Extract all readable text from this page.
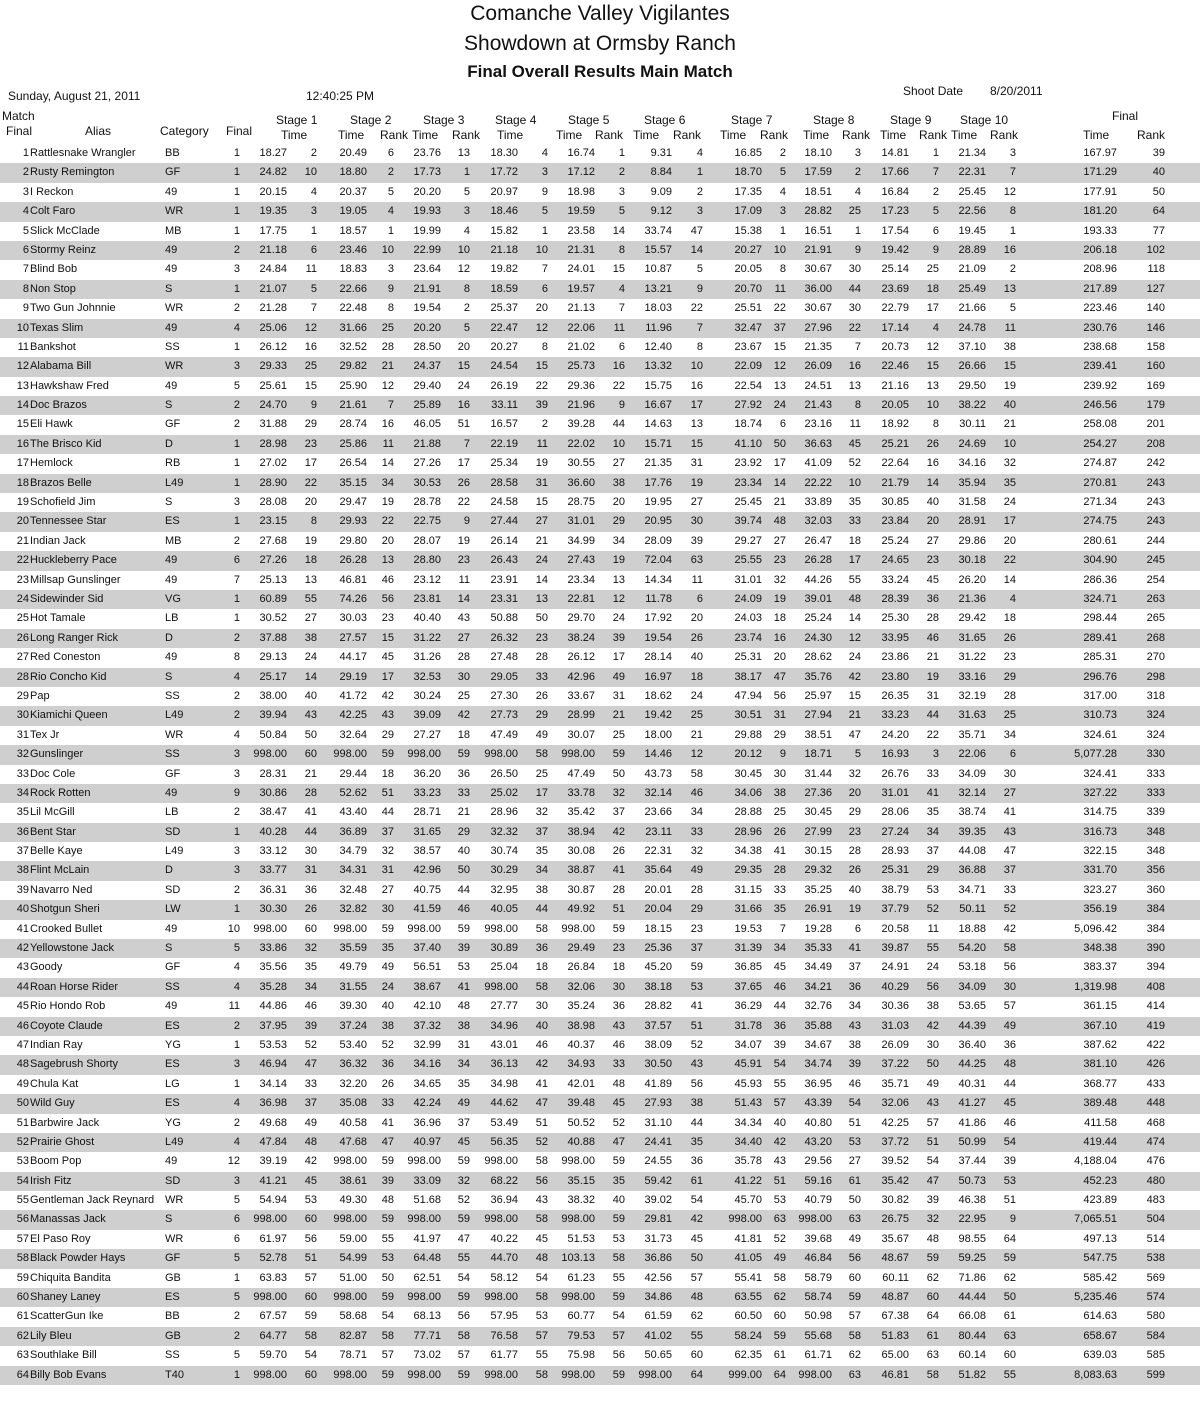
Comanche Valley Vigilantes
Showdown at Ormsby Ranch
Final Overall Results Main Match
Sunday, August 21, 2011	12:40:25 PM	Shoot Date 8/20/2011
Match
Final	Alias	Category Final
Stage 1
Time
Stage 2
Time Rank
Stage 3
Time Rank
Stage 4
Time
Stage 5
Time Rank
Stage 6
Time Rank
Stage 7
Time Rank
Stage 8
Time Rank
Stage 9
Time Rank
Stage 10
Time Rank
Final
Time Rank
1 Rattlesnake Wrangler	BB	1 18.27 2 20.49 6 23.76 13 18.30 4 16.74 1 9.31 4	16.85 2 18.10 3 14.81 1 21.34 3	167.97	39
2 Rusty Remington	GF	1 24.82 10 18.80 2 17.73 1 17.72 3 17.12 2 8.84 1	18.70 5 17.59 2 17.66 7 22.31 7	171.29	40
3 I Reckon	49	1 20.15 4 20.37 5 20.20 5 20.97 9 18.98 3 9.09 2	17.35 4 18.51 4 16.84 2 25.45 12	177.91	50
4 Colt Faro	WR	1 19.35 3 19.05 4 19.93 3 18.46 5 19.59 5 9.12 3	17.09 3 28.82 25 17.23 5 22.56 8	181.20	64
5 Slick McClade	MB	1 17.75 1 18.57 1 19.99 4 15.82 1 23.58 14 33.74 47	15.38 1 16.51 1 17.54 6 19.45 1	193.33	77
6 Stormy Reinz	49	2 21.18 6 23.46 10 22.99 10 21.18 10 21.31 8 15.57 14	20.27 10 21.91 9 19.42 9 28.89 16	206.18	102
7 Blind Bob	49	3 24.84 11 18.83 3 23.64 12 19.82 7 24.01 15 10.87 5	20.05 8 30.67 30 25.14 25 21.09 2	208.96	118
8 Non Stop	S	1 21.07 5 22.66 9 21.91 8 18.59 6 19.57 4 13.21 9	20.70 11 36.00 44 23.69 18 25.49 13	217.89	127
9 Two Gun Johnnie	WR	2 21.28 7 22.48 8 19.54 2 25.37 20 21.13 7 18.03 22	25.51 22 30.67 30 22.79 17 21.66 5	223.46	140
10 Texas Slim	49	4 25.06 12 31.66 25 20.20 5 22.47 12 22.06 11 11.96 7	32.47 37 27.96 22 17.14 4 24.78 11	230.76	146
11 Bankshot	SS	1 26.12 16 32.52 28 28.50 20 20.27 8 21.02 6 12.40 8	23.67 15 21.35 7 20.73 12 37.10 38	238.68	158
12 Alabama Bill	WR	3 29.33 25 29.82 21 24.37 15 24.54 15 25.73 16 13.32 10	22.09 12 26.09 16 22.46 15 26.66 15	239.41	160
13 Hawkshaw Fred	49	5 25.61 15 25.90 12 29.40 24 26.19 22 29.36 22 15.75 16	22.54 13 24.51 13 21.16 13 29.50 19	239.92	169
14 Doc Brazos	S	2 24.70 9 21.61 7 25.89 16 33.11 39 21.96 9 16.67 17	27.92 24 21.43 8 20.05 10 38.22 40	246.56	179
15 Eli Hawk	GF	2 31.88 29 28.74 16 46.05 51 16.57 2 39.28 44 14.63 13	18.74 6 23.16 11 18.92 8 30.11 21	258.08	201
16 The Brisco Kid	D	1 28.98 23 25.86 11 21.88 7 22.19 11 22.02 10 15.71 15	41.10 50 36.63 45 25.21 26 24.69 10	254.27	208
17 Hemlock	RB	1 27.02 17 26.54 14 27.26 17 25.34 19 30.55 27 21.35 31	23.92 17 41.09 52 22.64 16 34.16 32	274.87	242
18 Brazos Belle	L49	1 28.90 22 35.15 34 30.53 26 28.58 31 36.60 38 17.76 19	23.34 14 22.22 10 21.79 14 35.94 35	270.81	243
19 Schofield Jim	S	3 28.08 20 29.47 19 28.78 22 24.58 15 28.75 20 19.95 27	25.45 21 33.89 35 30.85 40 31.58 24	271.34	243
20 Tennessee Star	ES	1 23.15 8 29.93 22 22.75 9 27.44 27 31.01 29 20.95 30	39.74 48 32.03 33 23.84 20 28.91 17	274.75	243
21 Indian Jack	MB	2 27.68 19 29.80 20 28.07 19 26.14 21 34.99 34 28.09 39	29.27 27 26.47 18 25.24 27 29.86 20	280.61	244
22 Huckleberry Pace	49	6 27.26 18 26.28 13 28.80 23 26.43 24 27.43 19 72.04 63	25.55 23 26.28 17 24.65 23 30.18 22	304.90	245
23 Millsap Gunslinger	49	7 25.13 13 46.81 46 23.12 11 23.91 14 23.34 13 14.34 11	31.01 32 44.26 55 33.24 45 26.20 14	286.36	254
24 Sidewinder Sid	VG	1 60.89 55 74.26 56 23.81 14 23.31 13 22.81 12 11.78 6	24.09 19 39.01 48 28.39 36 21.36 4	324.71	263
25 Hot Tamale	LB	1 30.52 27 30.03 23 40.40 43 50.88 50 29.70 24 17.92 20	24.03 18 25.24 14 25.30 28 29.42 18	298.44	265
26 Long Ranger Rick	D	2 37.88 38 27.57 15 31.22 27 26.32 23 38.24 39 19.54 26	23.74 16 24.30 12 33.95 46 31.65 26	289.41	268
27 Red Coneston	49	8 29.13 24 44.17 45 31.26 28 27.48 28 26.12 17 28.14 40	25.31 20 28.62 24 23.86 21 31.22 23	285.31	270
28 Rio Concho Kid	S	4 25.17 14 29.19 17 32.53 30 29.05 33 42.96 49 16.97 18	38.17 47 35.76 42 23.80 19 33.16 29	296.76	298
29 Pap	SS	2 38.00 40 41.72 42 30.24 25 27.30 26 33.67 31 18.62 24	47.94 56 25.97 15 26.35 31 32.19 28	317.00	318
30 Kiamichi Queen	L49	2 39.94 43 42.25 43 39.09 42 27.73 29 28.99 21 19.42 25	30.51 31 27.94 21 33.23 44 31.63 25	310.73	324
31 Tex Jr	WR	4 50.84 50 32.64 29 27.27 18 47.49 49 30.07 25 18.00 21	29.88 29 38.51 47 24.20 22 35.71 34	324.61	324
32 Gunslinger	SS	3 998.00 60 998.00 59 998.00 59 998.00 58 998.00 59 14.46 12	20.12 9 18.71 5 16.93 3 22.06 6	5,077.28	330
33 Doc Cole	GF	3 28.31 21 29.44 18 36.20 36 26.50 25 47.49 50 43.73 58	30.45 30 31.44 32 26.76 33 34.09 30	324.41	333
34 Rock Rotten	49	9 30.86 28 52.62 51 33.23 33 25.02 17 33.78 32 32.14 46	34.06 38 27.36 20 31.01 41 32.14 27	327.22	333
35 Lil McGill	LB	2 38.47 41 43.40 44 28.71 21 28.96 32 35.42 37 23.66 34	28.88 25 30.45 29 28.06 35 38.74 41	314.75	339
36 Bent Star	SD	1 40.28 44 36.89 37 31.65 29 32.32 37 38.94 42 23.11 33	28.96 26 27.99 23 27.24 34 39.35 43	316.73	348
37 Belle Kaye	L49	3 33.12 30 34.79 32 38.57 40 30.74 35 30.08 26 22.31 32	34.38 41 30.15 28 28.93 37 44.08 47	322.15	348
38 Flint McLain	D	3 33.77 31 34.31 31 42.96 50 30.29 34 38.87 41 35.64 49	29.35 28 29.32 26 25.31 29 36.88 37	331.70	356
39 Navarro Ned	SD	2 36.31 36 32.48 27 40.75 44 32.95 38 30.87 28 20.01 28	31.15 33 35.25 40 38.79 53 34.71 33	323.27	360
40 Shotgun Sheri	LW	1 30.30 26 32.82 30 41.59 46 40.05 44 49.92 51 20.04 29	31.66 35 26.91 19 37.79 52 50.11 52	356.19	384
41 Crooked Bullet	49	10 998.00 60 998.00 59 998.00 59 998.00 58 998.00 59 18.15 23	19.53 7 19.28 6 20.58 11 18.88 42	5,096.42	384
42 Yellowstone Jack	S	5 33.86 32 35.59 35 37.40 39 30.89 36 29.49 23 25.36 37	31.39 34 35.33 41 39.87 55 54.20 58	348.38	390
43 Goody	GF	4 35.56 35 49.79 49 56.51 53 25.04 18 26.84 18 45.20 59	36.85 45 34.49 37 24.91 24 53.18 56	383.37	394
44 Roan Horse Rider	SS	4 35.28 34 31.55 24 38.67 41 998.00 58 32.06 30 38.18 53	37.65 46 34.21 36 40.29 56 34.09 30	1,319.98	408
45 Rio Hondo Rob	49	11 44.86 46 39.30 40 42.10 48 27.77 30 35.24 36 28.82 41	36.29 44 32.76 34 30.36 38 53.65 57	361.15	414
46 Coyote Claude	ES	2 37.95 39 37.24 38 37.32 38 34.96 40 38.98 43 37.57 51	31.78 36 35.88 43 31.03 42 44.39 49	367.10	419
47 Indian Ray	YG	1 53.53 52 53.40 52 32.99 31 43.01 46 40.37 46 38.09 52	34.07 39 34.67 38 26.09 30 36.40 36	387.62	422
48 Sagebrush Shorty	ES	3 46.94 47 36.32 36 34.16 34 36.13 42 34.93 33 30.50 43	45.91 54 34.74 39 37.22 50 44.25 48	381.10	426
49 Chula Kat	LG	1 34.14 33 32.20 26 34.65 35 34.98 41 42.01 48 41.89 56	45.93 55 36.95 46 35.71 49 40.31 44	368.77	433
50 Wild Guy	ES	4 36.98 37 35.08 33 42.24 49 44.62 47 39.48 45 27.93 38	51.43 57 43.39 54 32.06 43 41.27 45	389.48	448
51 Barbwire Jack	YG	2 49.68 49 40.58 41 36.96 37 53.49 51 50.52 52 31.10 44	34.34 40 40.80 51 42.25 57 41.86 46	411.58	468
52 Prairie Ghost	L49	4 47.84 48 47.68 47 40.97 45 56.35 52 40.88 47 24.41 35	34.40 42 43.20 53 37.72 51 50.99 54	419.44	474
53 Boom Pop	49	12 39.19 42 998.00 59 998.00 59 998.00 58 998.00 59 24.55 36	35.78 43 29.56 27 39.52 54 37.44 39	4,188.04	476
54 Irish Fitz	SD	3 41.21 45 38.61 39 33.09 32 68.22 56 35.15 35 59.42 61	41.22 51 59.16 61 35.42 47 50.73 53	452.23	480
55 Gentleman Jack Reynard WR	5 54.94 53 49.30 48 51.68 52 36.94 43 38.32 40 39.02 54	45.70 53 40.79 50 30.82 39 46.38 51	423.89	483
56 Manassas Jack	S	6 998.00 60 998.00 59 998.00 59 998.00 58 998.00 59 29.81 42 998.00 63 998.00 63 26.75 32 22.95 9	7,065.51	504
57 El Paso Roy	WR	6 61.97 56 59.00 55 41.97 47 40.22 45 51.53 53 31.73 45	41.81 52 39.68 49 35.67 48 98.55 64	497.13	514
58 Black Powder Hays	GF	5 52.78 51 54.99 53 64.48 55 44.70 48 103.13 58 36.86 50	41.05 49 46.84 56 48.67 59 59.25 59	547.75	538
59 Chiquita Bandita	GB	1 63.83 57 51.00 50 62.51 54 58.12 54 61.23 55 42.56 57	55.41 58 58.79 60 60.11 62 71.86 62	585.42	569
60 Shaney Laney	ES	5 998.00 60 998.00 59 998.00 59 998.00 58 998.00 59 34.86 48	63.55 62 58.74 59 48.87 60 44.44 50	5,235.46	574
61 ScatterGun Ike	BB	2 67.57 59 58.68 54 68.13 56 57.95 53 60.77 54 61.59 62	60.50 60 50.98 57 67.38 64 66.08 61	614.63	580
62 Lily Bleu	GB	2 64.77 58 82.87 58 77.71 58 76.58 57 79.53 57 41.02 55	58.24 59 55.68 58 51.83 61 80.44 63	658.67	584
63 Southlake Bill	SS	5 59.70 54 78.71 57 73.02 57 61.77 55 75.98 56 50.65 60	62.35 61 61.71 62 65.00 63 60.14 60	639.03	585
64 Billy Bob Evans	T40	1 998.00 60 998.00 59 998.00 59 998.00 58 998.00 59 998.00 64 999.00 64 998.00 63 46.81 58 51.82 55	8,083.63	599
